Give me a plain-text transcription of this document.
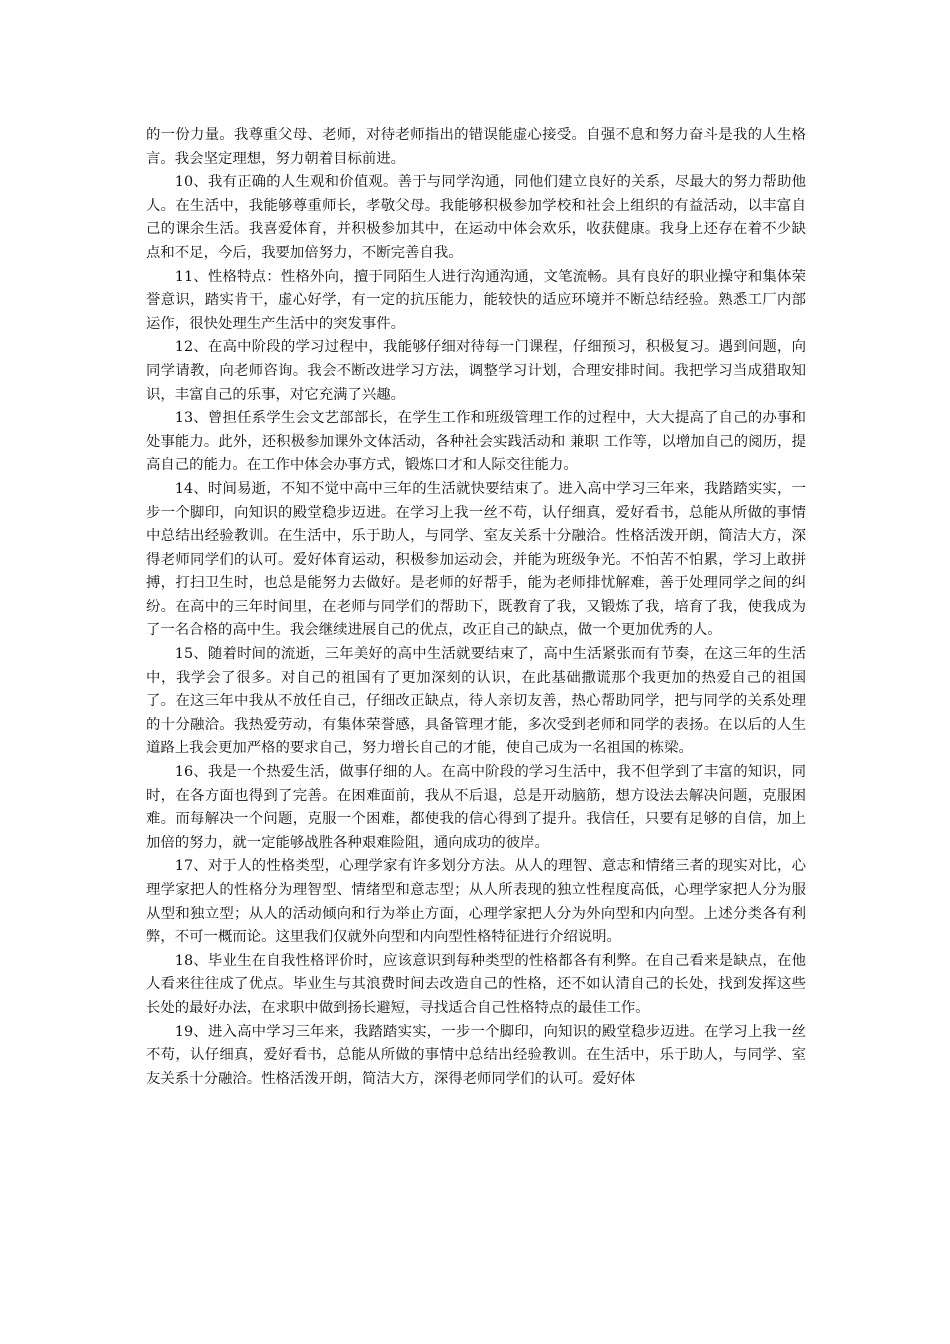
的一份力量。我尊重父母、老师，对待老师指出的错误能虚心接受。自强不息和努力奋斗是我的人生格言。我会坚定理想，努力朝着目标前进。

10、我有正确的人生观和价值观。善于与同学沟通，同他们建立良好的关系，尽最大的努力帮助他人。在生活中，我能够尊重师长，孝敬父母。我能够积极参加学校和社会上组织的有益活动，以丰富自己的课余生活。我喜爱体育，并积极参加其中，在运动中体会欢乐，收获健康。我身上还存在着不少缺点和不足，今后，我要加倍努力，不断完善自我。

11、性格特点：性格外向，擅于同陌生人进行沟通沟通，文笔流畅。具有良好的职业操守和集体荣誉意识，踏实肯干，虚心好学，有一定的抗压能力，能较快的适应环境并不断总结经验。熟悉工厂内部运作，很快处理生产生活中的突发事件。

12、在高中阶段的学习过程中，我能够仔细对待每一门课程，仔细预习，积极复习。遇到问题，向同学请教，向老师咨询。我会不断改进学习方法，调整学习计划，合理安排时间。我把学习当成猎取知识，丰富自己的乐事，对它充满了兴趣。

13、曾担任系学生会文艺部部长，在学生工作和班级管理工作的过程中，大大提高了自己的办事和处事能力。此外，还积极参加课外文体活动，各种社会实践活动和 兼职 工作等，以增加自己的阅历，提高自己的能力。在工作中体会办事方式，锻炼口才和人际交往能力。

14、时间易逝，不知不觉中高中三年的生活就快要结束了。进入高中学习三年来，我踏踏实实，一步一个脚印，向知识的殿堂稳步迈进。在学习上我一丝不苟，认仔细真，爱好看书，总能从所做的事情中总结出经验教训。在生活中，乐于助人，与同学、室友关系十分融洽。性格活泼开朗，简洁大方，深得老师同学们的认可。爱好体育运动，积极参加运动会，并能为班级争光。不怕苦不怕累，学习上敢拼搏，打扫卫生时，也总是能努力去做好。是老师的好帮手，能为老师排忧解难，善于处理同学之间的纠纷。在高中的三年时间里，在老师与同学们的帮助下，既教育了我，又锻炼了我，培育了我，使我成为了一名合格的高中生。我会继续进展自己的优点，改正自己的缺点，做一个更加优秀的人。

15、随着时间的流逝，三年美好的高中生活就要结束了，高中生活紧张而有节奏，在这三年的生活中，我学会了很多。对自己的祖国有了更加深刻的认识，在此基础撒谎那个我更加的热爱自己的祖国了。在这三年中我从不放任自己，仔细改正缺点，待人亲切友善，热心帮助同学，把与同学的关系处理的十分融洽。我热爱劳动，有集体荣誉感，具备管理才能，多次受到老师和同学的表扬。在以后的人生道路上我会更加严格的要求自己，努力增长自己的才能，使自己成为一名祖国的栋梁。

16、我是一个热爱生活，做事仔细的人。在高中阶段的学习生活中，我不但学到了丰富的知识，同时，在各方面也得到了完善。在困难面前，我从不后退，总是开动脑筋，想方设法去解决问题，克服困难。而每解决一个问题，克服一个困难，都使我的信心得到了提升。我信任，只要有足够的自信，加上加倍的努力，就一定能够战胜各种艰难险阻，通向成功的彼岸。

17、对于人的性格类型，心理学家有许多划分方法。从人的理智、意志和情绪三者的现实对比，心理学家把人的性格分为理智型、情绪型和意志型；从人所表现的独立性程度高低，心理学家把人分为服从型和独立型；从人的活动倾向和行为举止方面，心理学家把人分为外向型和内向型。上述分类各有利弊，不可一概而论。这里我们仅就外向型和内向型性格特征进行介绍说明。

18、毕业生在自我性格评价时，应该意识到每种类型的性格都各有利弊。在自己看来是缺点，在他人看来往往成了优点。毕业生与其浪费时间去改造自己的性格，还不如认清自己的长处，找到发挥这些长处的最好办法，在求职中做到扬长避短，寻找适合自己性格特点的最佳工作。

19、进入高中学习三年来，我踏踏实实，一步一个脚印，向知识的殿堂稳步迈进。在学习上我一丝不苟，认仔细真，爱好看书，总能从所做的事情中总结出经验教训。在生活中，乐于助人，与同学、室友关系十分融洽。性格活泼开朗，简洁大方，深得老师同学们的认可。爱好体
